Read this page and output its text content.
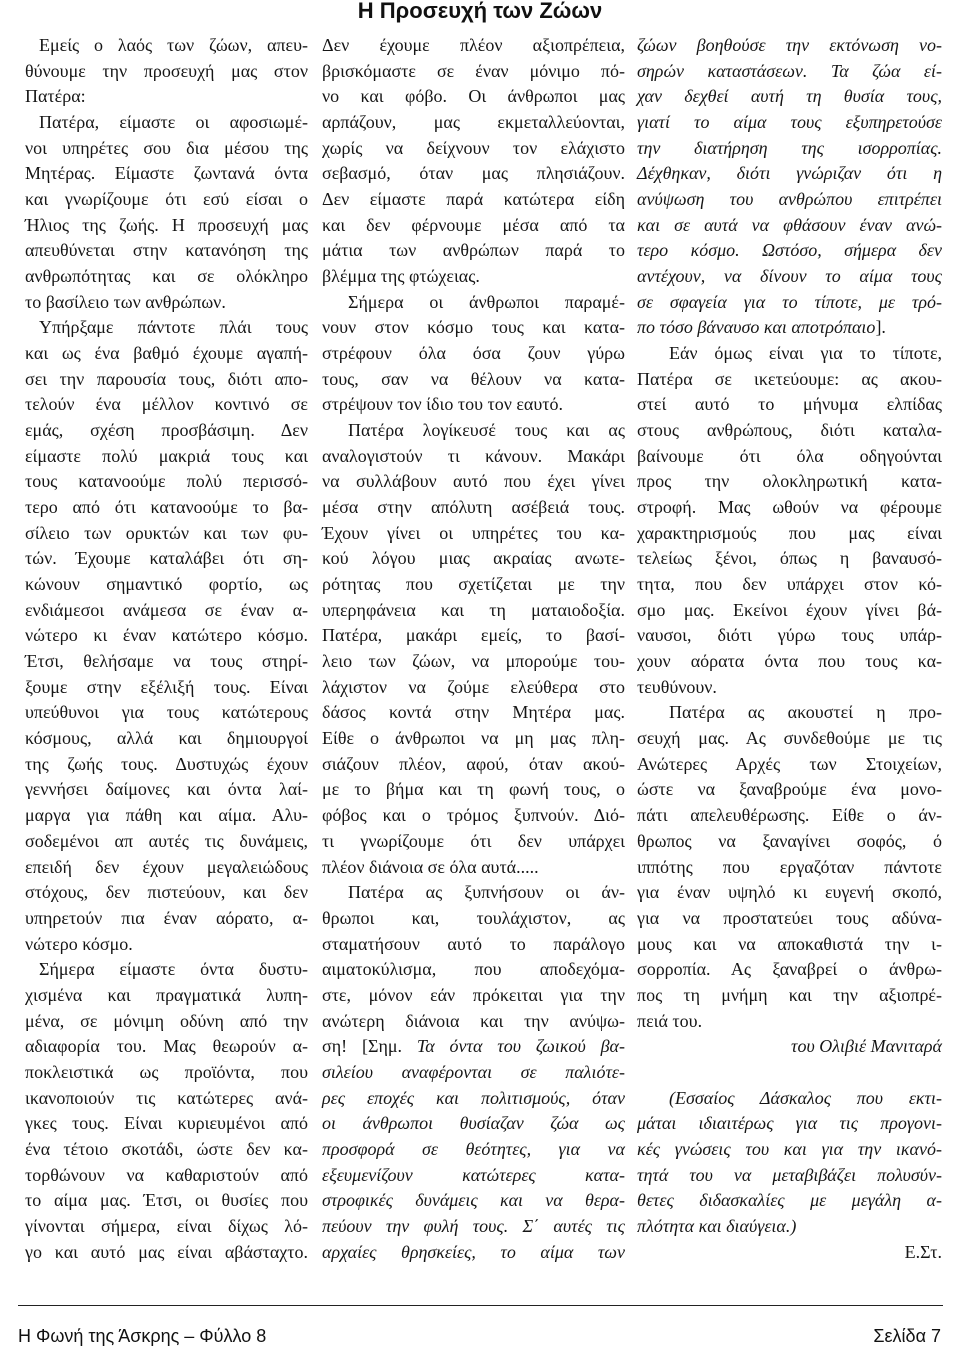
Η Προσευχή των Ζώων
Εμείς ο λαός των ζώων, απευ-
θύνουμε την προσευχή μας στον
Πατέρα:
Πατέρα, είμαστε οι αφοσιωμέ-
νοι υπηρέτες σου δια μέσου της
Μητέρας. Είμαστε ζωντανά όντα
και γνωρίζουμε ότι εσύ είσαι ο
Ήλιος της ζωής. Η προσευχή μας
απευθύνεται στην κατανόηση της
ανθρωπότητας και σε ολόκληρο
το βασίλειο των ανθρώπων.
Υπήρξαμε πάντοτε πλάι τους
και ως ένα βαθμό έχουμε αγαπή-
σει την παρουσία τους, διότι απο-
τελούν ένα μέλλον κοντινό σε
εμάς, σχέση προσβάσιμη. Δεν
είμαστε πολύ μακριά τους και
τους κατανοούμε πολύ περισσό-
τερο από ότι κατανοούμε το βα-
σίλειο των ορυκτών και των φυ-
τών. Έχουμε καταλάβει ότι ση-
κώνουν σημαντικό φορτίο, ως
ενδιάμεσοι ανάμεσα σε έναν α-
νώτερο κι έναν κατώτερο κόσμο.
Έτσι, θελήσαμε να τους στηρί-
ξουμε στην εξέλιξή τους. Είναι
υπεύθυνοι για τους κατώτερους
κόσμους, αλλά και δημιουργοί
της ζωής τους. Δυστυχώς έχουν
γεννήσει δαίμονες και όντα λαί-
μαργα για πάθη και αίμα. Αλυ-
σοδεμένοι απ αυτές τις δυνάμεις,
επειδή δεν έχουν μεγαλειώδους
στόχους, δεν πιστεύουν, και δεν
υπηρετούν πια έναν αόρατο, α-
νώτερο κόσμο.
Σήμερα είμαστε όντα δυστυ-
χισμένα και πραγματικά λυπη-
μένα, σε μόνιμη οδύνη από την
αδιαφορία του. Μας θεωρούν α-
ποκλειστικά ως προϊόντα, που
ικανοποιούν τις κατώτερες ανά-
γκες τους. Είναι κυριευμένοι από
ένα τέτοιο σκοτάδι, ώστε δεν κα-
τορθώνουν να καθαριστούν από
το αίμα μας. Έτσι, οι θυσίες που
γίνονται σήμερα, είναι δίχως λό-
γο και αυτό μας είναι αβάσταχτο.
Δεν έχουμε πλέον αξιοπρέπεια,
βρισκόμαστε σε έναν μόνιμο πό-
νο και φόβο. Οι άνθρωποι μας
αρπάζουν, μας εκμεταλλεύονται,
χωρίς να δείχνουν τον ελάχιστο
σεβασμό, όταν μας πλησιάζουν.
Δεν είμαστε παρά κατώτερα είδη
και δεν φέρνουμε μέσα από τα
μάτια των ανθρώπων παρά το
βλέμμα της φτώχειας.
Σήμερα οι άνθρωποι παραμέ-
νουν στον κόσμο τους και κατα-
στρέφουν όλα όσα ζουν γύρω
τους, σαν να θέλουν να κατα-
στρέψουν τον ίδιο του τον εαυτό.
Πατέρα λογίκευσέ τους και ας
αναλογιστούν τι κάνουν. Μακάρι
να συλλάβουν αυτό που έχει γίνει
μέσα στην απόλυτη ασέβειά τους.
Έχουν γίνει οι υπηρέτες του κα-
κού λόγου μιας ακραίας ανωτε-
ρότητας που σχετίζεται με την
υπερηφάνεια και τη ματαιοδοξία.
Πατέρα, μακάρι εμείς, το βασί-
λειο των ζώων, να μπορούμε του-
λάχιστον να ζούμε ελεύθερα στο
δάσος κοντά στην Μητέρα μας.
Είθε ο άνθρωποι να μη μας πλη-
σιάζουν πλέον, αφού, όταν ακού-
με το βήμα και τη φωνή τους, ο
φόβος και ο τρόμος ξυπνούν. Διό-
τι γνωρίζουμε ότι δεν υπάρχει
πλέον διάνοια σε όλα αυτά.....
Πατέρα ας ξυπνήσουν οι άν-
θρωποι και, τουλάχιστον, ας
σταματήσουν αυτό το παράλογο
αιματοκύλισμα, που αποδεχόμα-
στε, μόνον εάν πρόκειται για την
ανώτερη διάνοια και την ανύψω-
ση! [Σημ. Τα όντα του ζωικού βα-
σιλείου αναφέρονται σε παλιότε-
ρες εποχές και πολιτισμούς, όταν
οι άνθρωποι θυσίαζαν ζώα ως
προσφορά σε θεότητες, για να
εξευμενίζουν κατώτερες κατα-
στροφικές δυνάμεις και να θερα-
πεύουν την φυλή τους. Σ΄ αυτές τις
αρχαίες θρησκείες, το αίμα των
ζώων βοηθούσε την εκτόνωση νο-
σηρών καταστάσεων. Τα ζώα εί-
χαν δεχθεί αυτή τη θυσία τους,
γιατί το αίμα τους εξυπηρετούσε
την διατήρηση της ισορροπίας.
Δέχθηκαν, διότι γνώριζαν ότι η
ανύψωση του ανθρώπου επιτρέπει
και σε αυτά να φθάσουν έναν ανώ-
τερο κόσμο. Ωστόσο, σήμερα δεν
αντέχουν, να δίνουν το αίμα τους
σε σφαγεία για το τίποτε, με τρό-
πο τόσο βάναυσο και αποτρόπαιο].
Εάν όμως είναι για το τίποτε,
Πατέρα σε ικετεύουμε: ας ακου-
στεί αυτό το μήνυμα ελπίδας
στους ανθρώπους, διότι καταλα-
βαίνουμε ότι όλα οδηγούνται
προς την ολοκληρωτική κατα-
στροφή. Μας ωθούν να φέρουμε
χαρακτηρισμούς που μας είναι
τελείως ξένοι, όπως η βαναυσό-
τητα, που δεν υπάρχει στον κό-
σμο μας. Εκείνοι έχουν γίνει βά-
ναυσοι, διότι γύρω τους υπάρ-
χουν αόρατα όντα που τους κα-
τευθύνουν.
Πατέρα ας ακουστεί η προ-
σευχή μας. Ας συνδεθούμε με τις
Ανώτερες Αρχές των Στοιχείων,
ώστε να ξαναβρούμε ένα μονο-
πάτι απελευθέρωσης. Είθε ο άν-
θρωπος να ξαναγίνει σοφός, ό
ιππότης που εργαζόταν πάντοτε
για έναν υψηλό κι ευγενή σκοπό,
για να προστατεύει τους αδύνα-
μους και να αποκαθιστά την ι-
σορροπία. Ας ξαναβρεί ο άνθρω-
πος τη μνήμη και την αξιοπρέ-
πειά του.
του Ολιβιέ Μανιταρά
(Εσσαίος Δάσκαλος που εκτι-
μάται ιδιαιτέρως για τις προγονι-
κές γνώσεις του και για την ικανό-
τητά του να μεταβιβάζει πολυσύν-
θετες διδασκαλίες με μεγάλη α-
πλότητα και διαύγεια.)
Ε.Στ.
Η Φωνή της Άσκρης – Φύλλο 8	Σελίδα 7
